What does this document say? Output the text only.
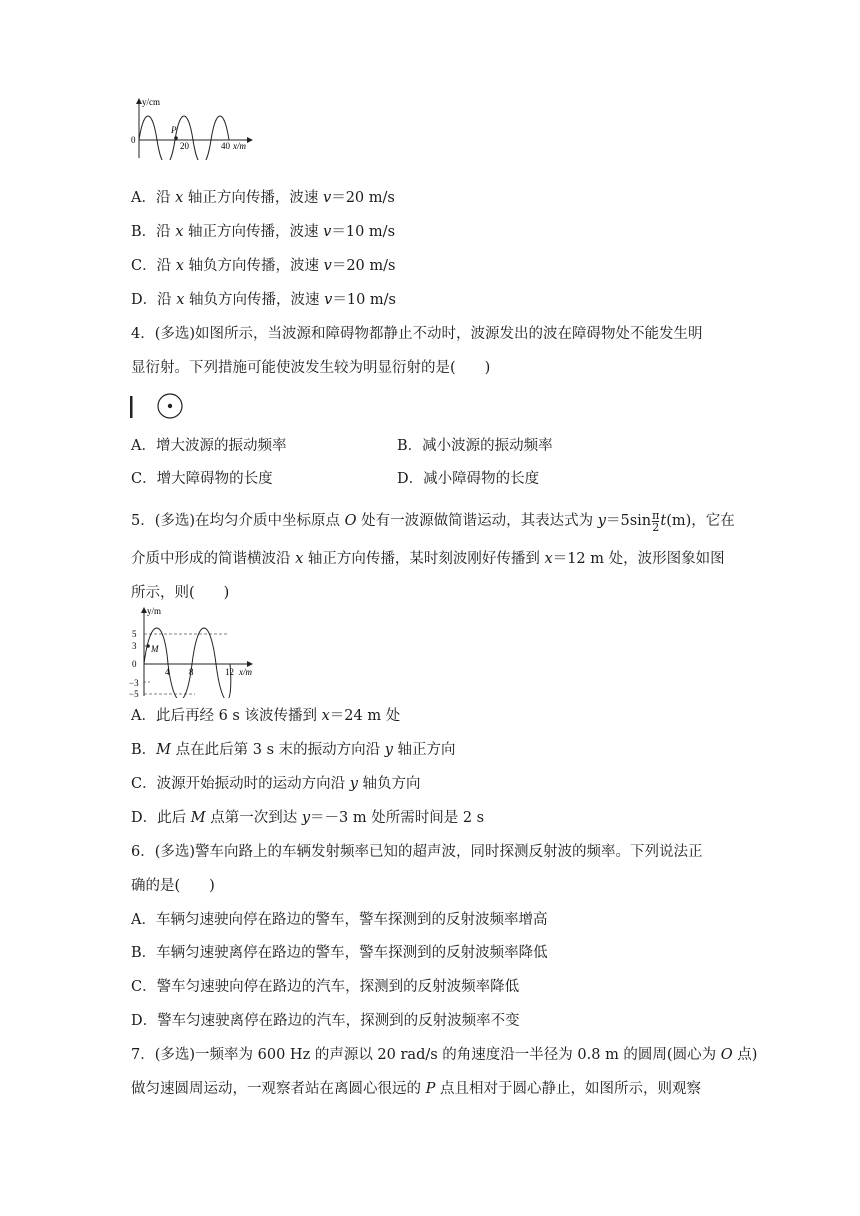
y/cm
0
P
20	40 x/m
A．沿 x 轴正方向传播，波速 v＝20 m/s
B．沿 x 轴正方向传播，波速 v＝10 m/s
C．沿 x 轴负方向传播，波速 v＝20 m/s
D．沿 x 轴负方向传播，波速 v＝10 m/s
4．(多选)如图所示，当波源和障碍物都静止不动时，波源发出的波在障碍物处不能发生明
显衍射。下列措施可能使波发生较为明显衍射的是(　　)
A．增大波源的振动频率	B．减小波源的振动频率
C．增大障碍物的长度	D．减小障碍物的长度
5．(多选)在均匀介质中坐标原点 O 处有一波源做简谐运动，其表达式为 $y=5\sin \frac{\pi}{2} t(m)$，它在
介质中形成的简谐横波沿 x 轴正方向传播，某时刻波刚好传播到 x＝12 m 处，波形图象如图
所示，则(　　)
y/m
5
3
0
−3
−5
M
4 8	12 x/m
A．此后再经 6 s 该波传播到 x＝24 m 处
B．M 点在此后第 3 s 末的振动方向沿 y 轴正方向
C．波源开始振动时的运动方向沿 y 轴负方向
D．此后 M 点第一次到达 y＝－3 m 处所需时间是 2 s
6．(多选)警车向路上的车辆发射频率已知的超声波，同时探测反射波的频率。下列说法正
确的是(　　)
A．车辆匀速驶向停在路边的警车，警车探测到的反射波频率增高
B．车辆匀速驶离停在路边的警车，警车探测到的反射波频率降低
C．警车匀速驶向停在路边的汽车，探测到的反射波频率降低
D．警车匀速驶离停在路边的汽车，探测到的反射波频率不变
7．(多选)一频率为 600 Hz 的声源以 20 rad/s 的角速度沿一半径为 0.8 m 的圆周(圆心为 O 点)
做匀速圆周运动，一观察者站在离圆心很远的 P 点且相对于圆心静止，如图所示，则观察
